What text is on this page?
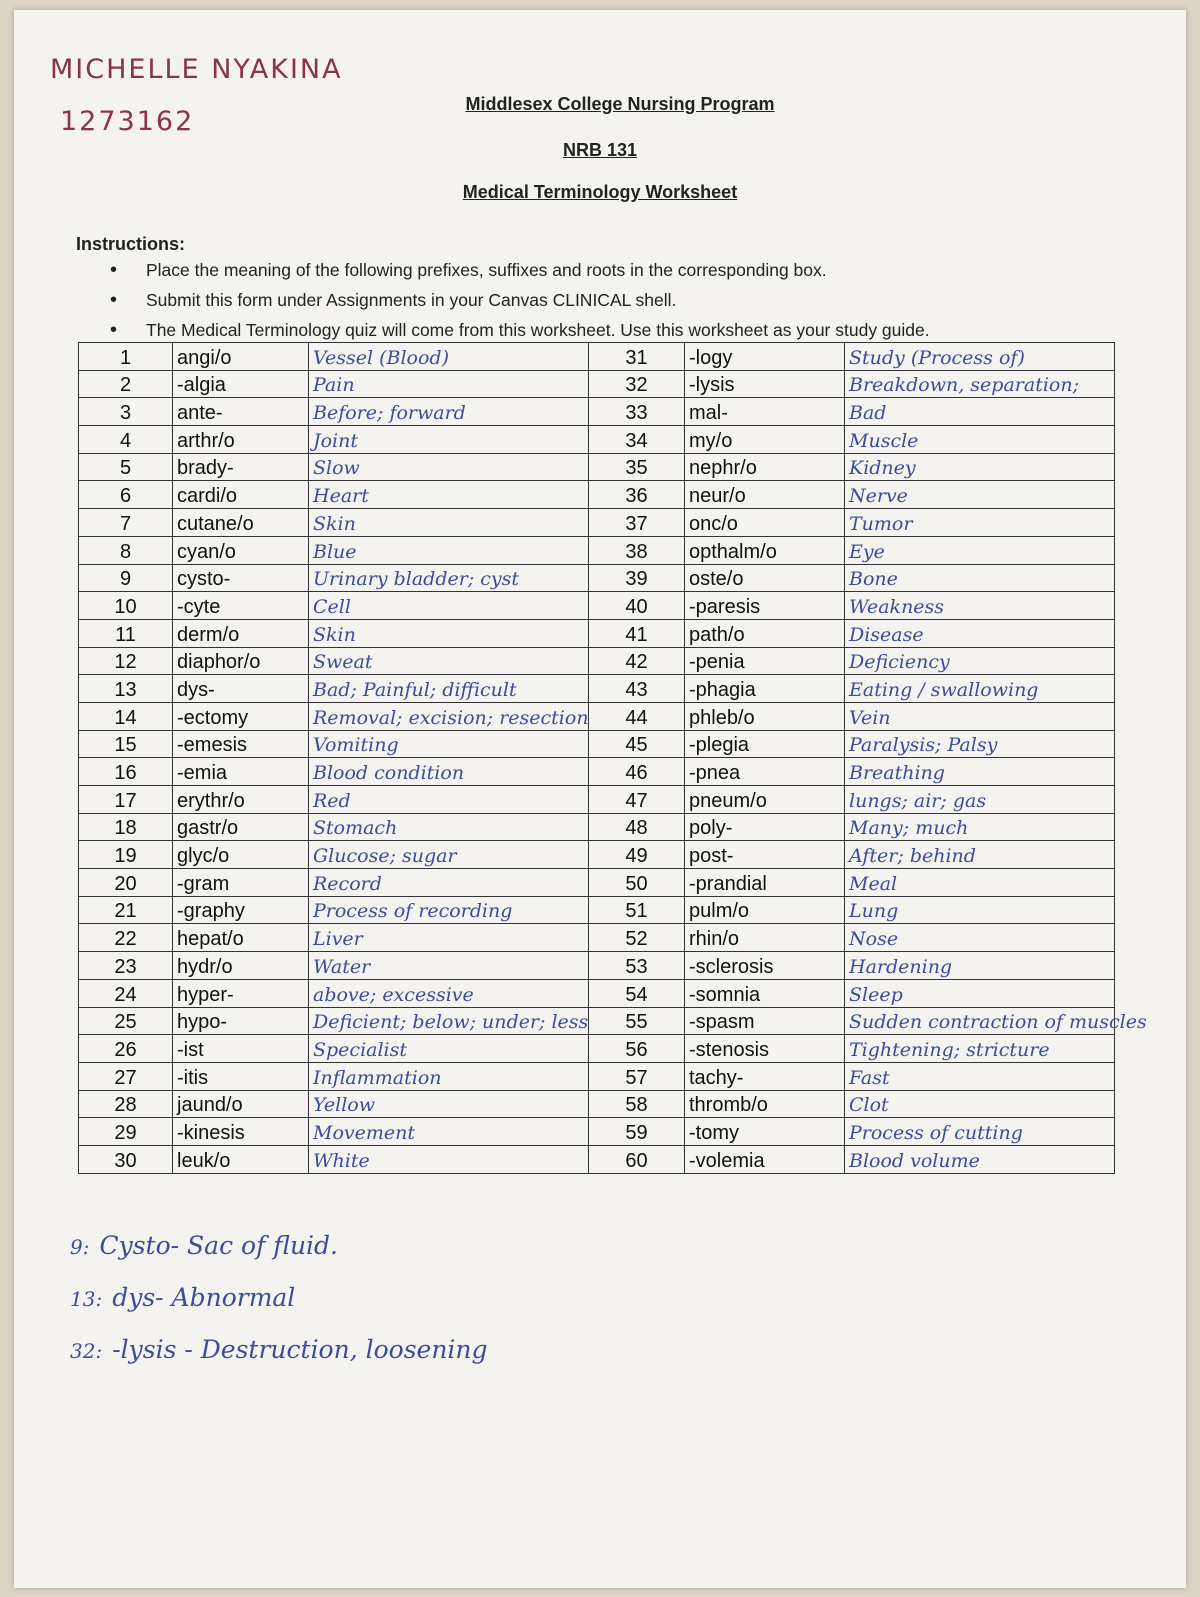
MICHELLE NYAKINA
1273162
Middlesex College Nursing Program
NRB 131
Medical Terminology Worksheet
Instructions:
• Place the meaning of the following prefixes, suffixes and roots in the corresponding box.
• Submit this form under Assignments in your Canvas CLINICAL shell.
• The Medical Terminology quiz will come from this worksheet. Use this worksheet as your study guide.
1	angi/o	Vessel (Blood)	31	-logy	Study (Process of)
2	-algia	Pain	32	-lysis	Breakdown, separation;
3	ante-	Before; forward	33	mal-	Bad
4	arthr/o	Joint	34	my/o	Muscle
5	brady-	Slow	35	nephr/o	Kidney
6	cardi/o	Heart	36	neur/o	Nerve
7	cutane/o	Skin	37	onc/o	Tumor
8	cyan/o	Blue	38	opthalm/o	Eye
9	cysto-	Urinary bladder; cyst	39	oste/o	Bone
10	-cyte	Cell	40	-paresis	Weakness
11	derm/o	Skin	41	path/o	Disease
12	diaphor/o	Sweat	42	-penia	Deficiency
13	dys-	Bad; Painful; difficult	43	-phagia	Eating / swallowing
14	-ectomy	Removal; excision; resection	44	phleb/o	Vein
15	-emesis	Vomiting	45	-plegia	Paralysis; Palsy
16	-emia	Blood condition	46	-pnea	Breathing
17	erythr/o	Red	47	pneum/o	lungs; air; gas
18	gastr/o	Stomach	48	poly-	Many; much
19	glyc/o	Glucose; sugar	49	post-	After; behind
20	-gram	Record	50	-prandial	Meal
21	-graphy	Process of recording	51	pulm/o	Lung
22	hepat/o	Liver	52	rhin/o	Nose
23	hydr/o	Water	53	-sclerosis	Hardening
24	hyper-	above; excessive	54	-somnia	Sleep
25	hypo-	Deficient; below; under; less	55	-spasm	Sudden contraction of muscles
26	-ist	Specialist	56	-stenosis	Tightening; stricture
27	-itis	Inflammation	57	tachy-	Fast
28	jaund/o	Yellow	58	thromb/o	Clot
29	-kinesis	Movement	59	-tomy	Process of cutting
30	leuk/o	White	60	-volemia	Blood volume
9: Cysto- Sac of fluid.
13: dys- Abnormal
32: -lysis - Destruction, loosening
